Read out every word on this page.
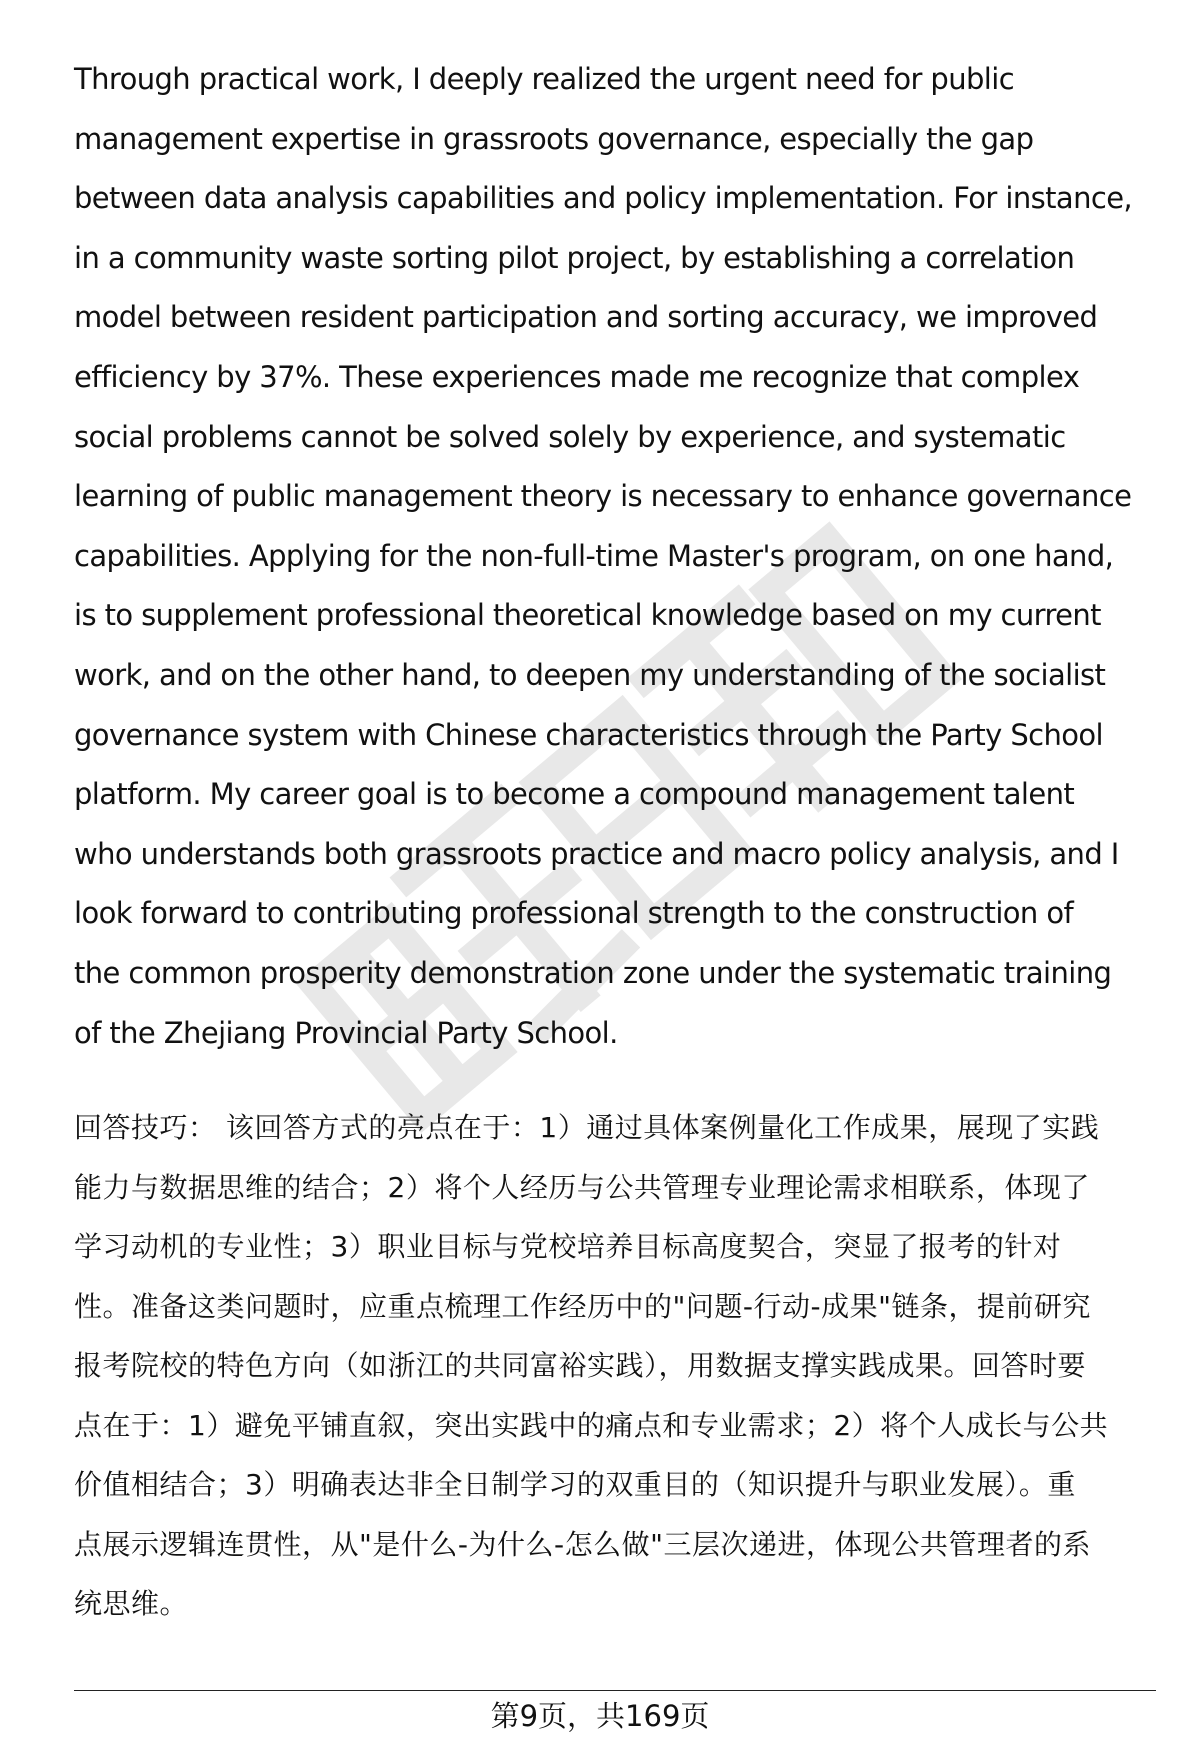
Through practical work, I deeply realized the urgent need for public
management expertise in grassroots governance, especially the gap
between data analysis capabilities and policy implementation. For instance,
in a community waste sorting pilot project, by establishing a correlation
model between resident participation and sorting accuracy, we improved
efficiency by 37%. These experiences made me recognize that complex
social problems cannot be solved solely by experience, and systematic
learning of public management theory is necessary to enhance governance
capabilities. Applying for the non-full-time Master's program, on one hand,
is to supplement professional theoretical knowledge based on my current
work, and on the other hand, to deepen my understanding of the socialist
governance system with Chinese characteristics through the Party School
platform. My career goal is to become a compound management talent
who understands both grassroots practice and macro policy analysis, and I
look forward to contributing professional strength to the construction of
the common prosperity demonstration zone under the systematic training
of the Zhejiang Provincial Party School.
回答技巧： 该回答方式的亮点在于：1）通过具体案例量化工作成果，展现了实践
能力与数据思维的结合；2）将个人经历与公共管理专业理论需求相联系，体现了
学习动机的专业性；3）职业目标与党校培养目标高度契合，突显了报考的针对
性。准备这类问题时，应重点梳理工作经历中的"问题-行动-成果"链条，提前研究
报考院校的特色方向（如浙江的共同富裕实践），用数据支撑实践成果。回答时要
点在于：1）避免平铺直叙，突出实践中的痛点和专业需求；2）将个人成长与公共
价值相结合；3）明确表达非全日制学习的双重目的（知识提升与职业发展）。重
点展示逻辑连贯性，从"是什么-为什么-怎么做"三层次递进，体现公共管理者的系
统思维。
第9页，共169页
